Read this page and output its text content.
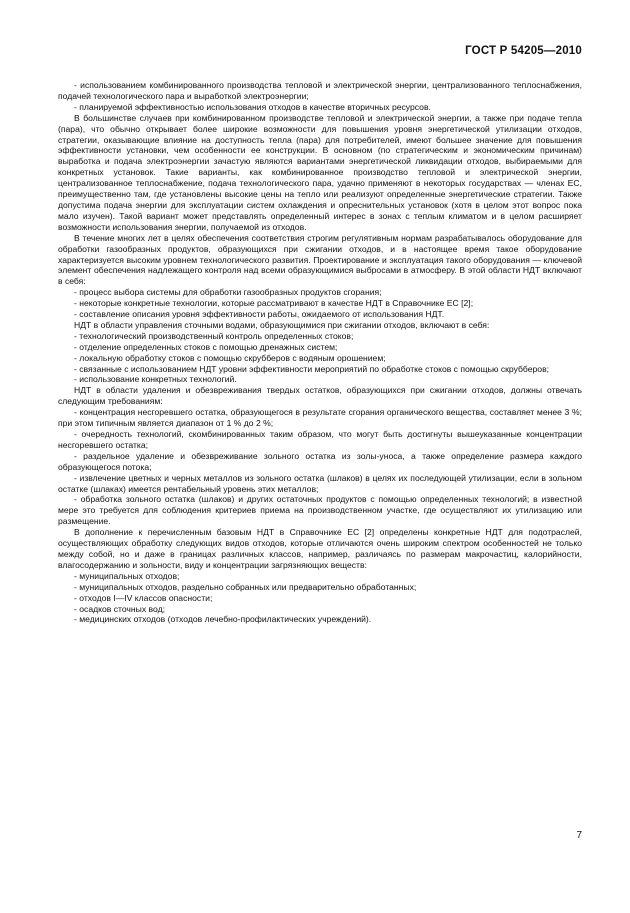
ГОСТ Р 54205—2010

- использованием комбинированного производства тепловой и электрической энергии, централизованного теплоснабжения, подачей технологического пара и выработкой электроэнергии;

- планируемой эффективностью использования отходов в качестве вторичных ресурсов.

В большинстве случаев при комбинированном производстве тепловой и электрической энергии, а также при подаче тепла (пара), что обычно открывает более широкие возможности для повышения уровня энергетической утилизации отходов, стратегии, оказывающие влияние на доступность тепла (пара) для потребителей, имеют большее значение для повышения эффективности установки, чем особенности ее конструкции. В основном (по стратегическим и экономическим причинам) выработка и подача электроэнергии зачастую являются вариантами энергетической ликвидации отходов, выбираемыми для конкретных установок. Такие варианты, как комбинированное производство тепловой и электрической энергии, централизованное теплоснабжение, подача технологического пара, удачно применяют в некоторых государствах — членах ЕС, преимущественно там, где установлены высокие цены на тепло или реализуют определенные энергетические стратегии. Также допустима подача энергии для эксплуатации систем охлаждения и опреснительных установок (хотя в целом этот вопрос пока мало изучен). Такой вариант может представлять определенный интерес в зонах с теплым климатом и в целом расширяет возможности использования энергии, получаемой из отходов.

В течение многих лет в целях обеспечения соответствия строгим регулятивным нормам разрабатывалось оборудование для обработки газообразных продуктов, образующихся при сжигании отходов, и в настоящее время такое оборудование характеризуется высоким уровнем технологического развития. Проектирование и эксплуатация такого оборудования — ключевой элемент обеспечения надлежащего контроля над всеми образующимися выбросами в атмосферу. В этой области НДТ включают в себя:

- процесс выбора системы для обработки газообразных продуктов сгорания;

- некоторые конкретные технологии, которые рассматривают в качестве НДТ в Справочнике ЕС [2];

- составление описания уровня эффективности работы, ожидаемого от использования НДТ.

НДТ в области управления сточными водами, образующимися при сжигании отходов, включают в себя:

- технологический производственный контроль определенных стоков;

- отделение определенных стоков с помощью дренажных систем;

- локальную обработку стоков с помощью скрубберов с водяным орошением;

- связанные с использованием НДТ уровни эффективности мероприятий по обработке стоков с помощью скрубберов;

- использование конкретных технологий.

НДТ в области удаления и обезвреживания твердых остатков, образующихся при сжигании отходов, должны отвечать следующим требованиям:

- концентрация несгоревшего остатка, образующегося в результате сгорания органического вещества, составляет менее 3 %; при этом типичным является диапазон от 1 % до 2 %;

- очередность технологий, скомбинированных таким образом, что могут быть достигнуты вышеуказанные концентрации несгоревшего остатка;

- раздельное удаление и обезвреживание зольного остатка из золы-уноса, а также определение размера каждого образующегося потока;

- извлечение цветных и черных металлов из зольного остатка (шлаков) в целях их последующей утилизации, если в зольном остатке (шлаках) имеется рентабельный уровень этих металлов;

- обработка зольного остатка (шлаков) и других остаточных продуктов с помощью определенных технологий; в известной мере это требуется для соблюдения критериев приема на производственном участке, где осуществляют их утилизацию или размещение.

В дополнение к перечисленным базовым НДТ в Справочнике ЕС [2] определены конкретные НДТ для подотраслей, осуществляющих обработку следующих видов отходов, которые отличаются очень широким спектром особенностей не только между собой, но и даже в границах различных классов, например, различаясь по размерам макрочастиц, калорийности, влагосодержанию и зольности, виду и концентрации загрязняющих веществ:

- муниципальных отходов;

- муниципальных отходов, раздельно собранных или предварительно обработанных;

- отходов I—IV классов опасности;

- осадков сточных вод;

- медицинских отходов (отходов лечебно-профилактических учреждений).

7
